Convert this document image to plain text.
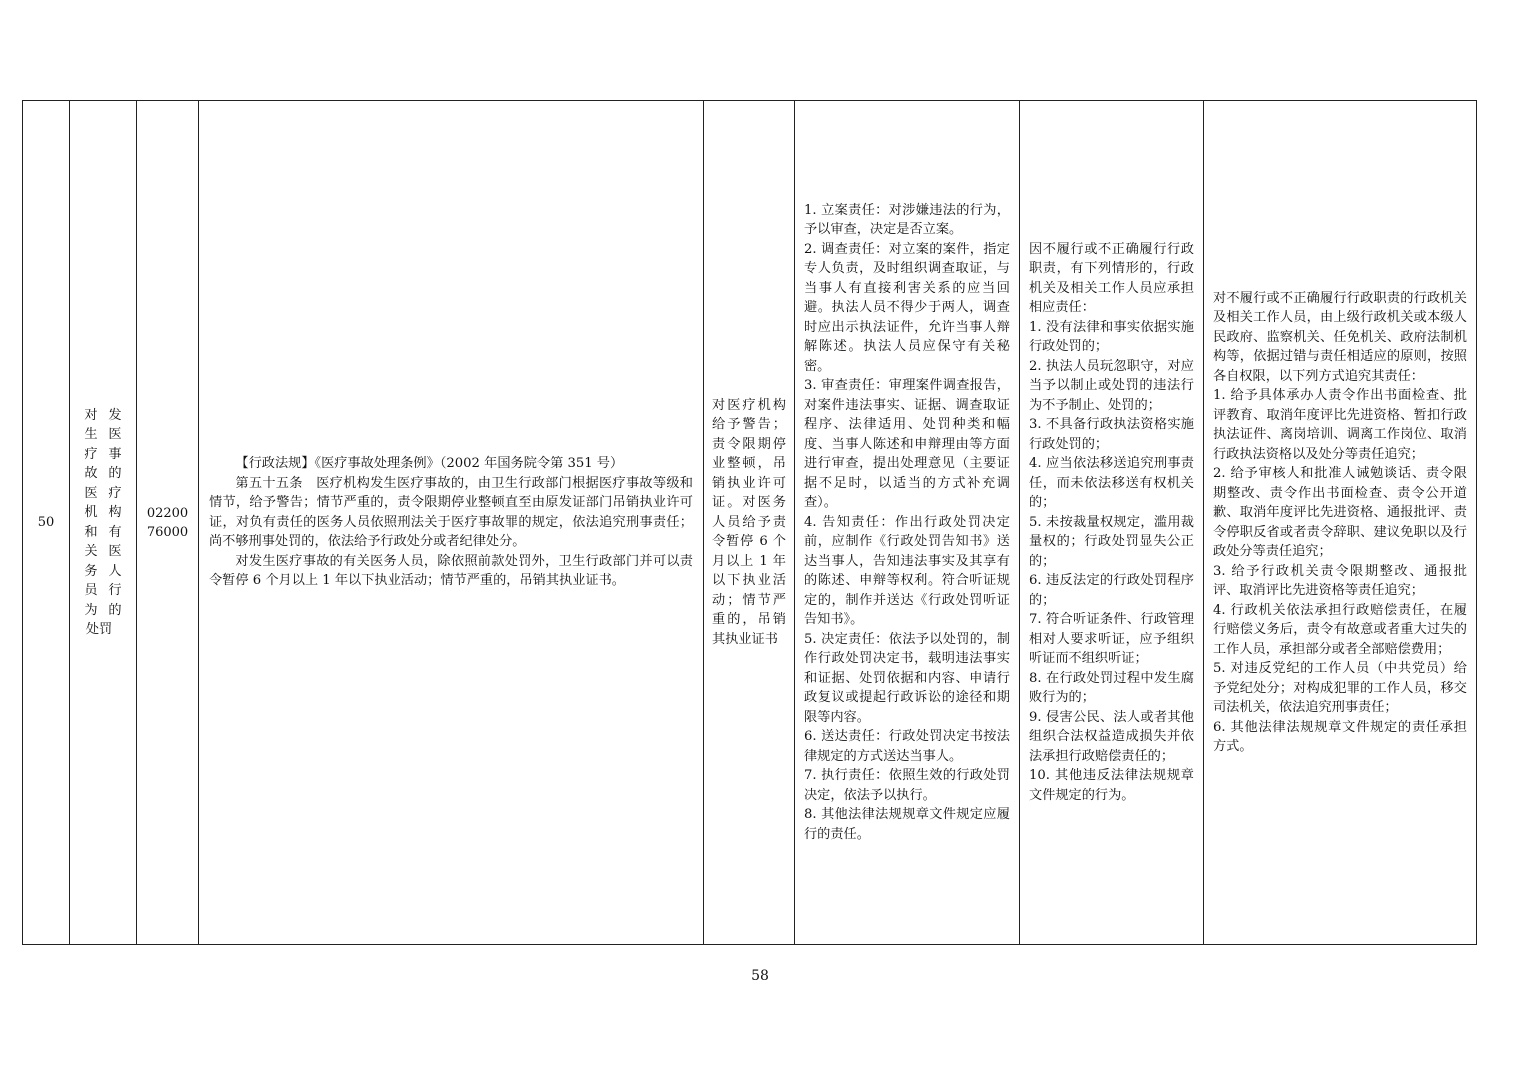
50
对
生
疗
故
医
机
和
关
务
员
为
处罚
发
医
事
的
疗
构
有
医
人
行
的
02200
76000

【行政法规】《医疗事故处理条例》（2002 年国务院令第 351 号）

第五十五条　医疗机构发生医疗事故的，由卫生行政部门根据医疗事故等级和情节，给予警告；情节严重的，责令限期停业整顿直至由原发证部门吊销执业许可证，对负有责任的医务人员依照刑法关于医疗事故罪的规定，依法追究刑事责任；尚不够刑事处罚的，依法给予行政处分或者纪律处分。

对发生医疗事故的有关医务人员，除依照前款处罚外，卫生行政部门并可以责令暂停 6 个月以上 1 年以下执业活动；情节严重的，吊销其执业证书。

对医疗机构给予警告；责令限期停业整顿，吊销执业许可证。对医务人员给予责令暂停 6 个月以上 1 年以下执业活动；情节严重的，吊销其执业证书

1. 立案责任：对涉嫌违法的行为，予以审查，决定是否立案。

2. 调查责任：对立案的案件，指定专人负责，及时组织调查取证，与当事人有直接利害关系的应当回避。执法人员不得少于两人，调查时应出示执法证件，允许当事人辩解陈述。执法人员应保守有关秘密。

3. 审查责任：审理案件调查报告，对案件违法事实、证据、调查取证程序、法律适用、处罚种类和幅度、当事人陈述和申辩理由等方面进行审查，提出处理意见（主要证据不足时，以适当的方式补充调查）。

4. 告知责任：作出行政处罚决定前，应制作《行政处罚告知书》送达当事人，告知违法事实及其享有的陈述、申辩等权利。符合听证规定的，制作并送达《行政处罚听证告知书》。

5. 决定责任：依法予以处罚的，制作行政处罚决定书，载明违法事实和证据、处罚依据和内容、申请行政复议或提起行政诉讼的途径和期限等内容。

6. 送达责任：行政处罚决定书按法律规定的方式送达当事人。

7. 执行责任：依照生效的行政处罚决定，依法予以执行。

8. 其他法律法规规章文件规定应履行的责任。

因不履行或不正确履行行政职责，有下列情形的，行政机关及相关工作人员应承担相应责任：

1. 没有法律和事实依据实施行政处罚的；

2. 执法人员玩忽职守，对应当予以制止或处罚的违法行为不予制止、处罚的；

3. 不具备行政执法资格实施行政处罚的；

4. 应当依法移送追究刑事责任，而未依法移送有权机关的；

5. 未按裁量权规定，滥用裁量权的；行政处罚显失公正的；

6. 违反法定的行政处罚程序的；

7. 符合听证条件、行政管理相对人要求听证，应予组织听证而不组织听证；

8. 在行政处罚过程中发生腐败行为的；

9. 侵害公民、法人或者其他组织合法权益造成损失并依法承担行政赔偿责任的；

10. 其他违反法律法规规章文件规定的行为。

对不履行或不正确履行行政职责的行政机关及相关工作人员，由上级行政机关或本级人民政府、监察机关、任免机关、政府法制机构等，依据过错与责任相适应的原则，按照各自权限，以下列方式追究其责任：

1. 给予具体承办人责令作出书面检查、批评教育、取消年度评比先进资格、暂扣行政执法证件、离岗培训、调离工作岗位、取消行政执法资格以及处分等责任追究；

2. 给予审核人和批准人诫勉谈话、责令限期整改、责令作出书面检查、责令公开道歉、取消年度评比先进资格、通报批评、责令停职反省或者责令辞职、建议免职以及行政处分等责任追究；

3. 给予行政机关责令限期整改、通报批评、取消评比先进资格等责任追究；

4. 行政机关依法承担行政赔偿责任，在履行赔偿义务后，责令有故意或者重大过失的工作人员，承担部分或者全部赔偿费用；

5. 对违反党纪的工作人员（中共党员）给予党纪处分；对构成犯罪的工作人员，移交司法机关，依法追究刑事责任；

6. 其他法律法规规章文件规定的责任承担方式。

58
